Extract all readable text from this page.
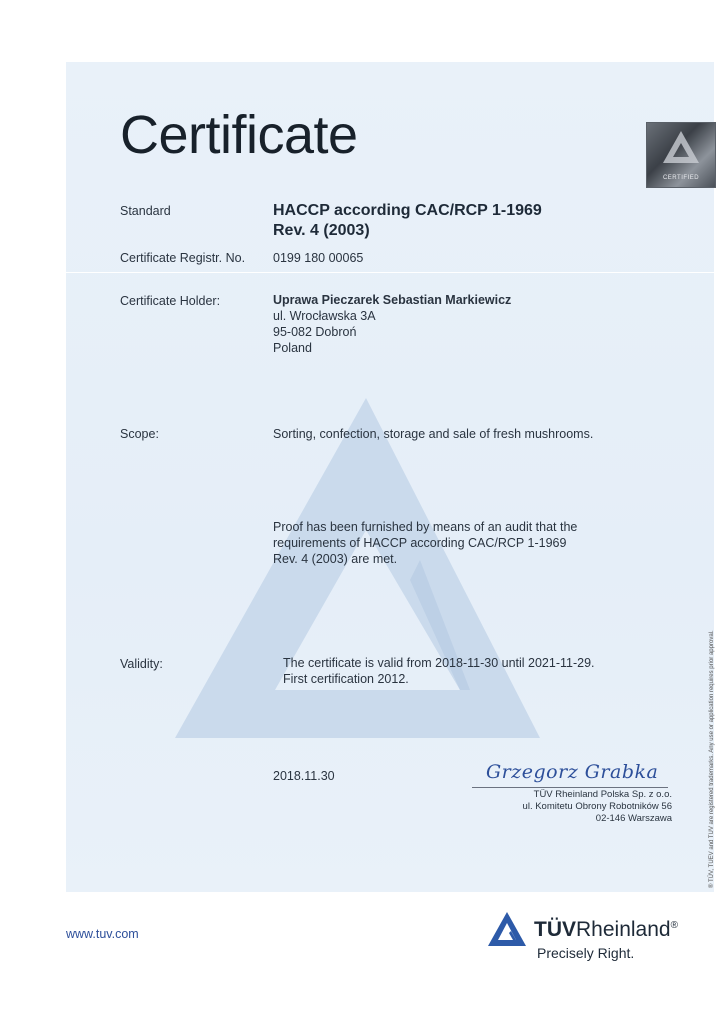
Certificate
CERTIFIED
Standard	HACCP according CAC/RCP 1-1969
Rev. 4 (2003)
Certificate Registr. No. 0199 180 00065
Certificate Holder:	Uprawa Pieczarek Sebastian Markiewicz
ul. Wrocławska 3A
95-082 Dobroń
Poland
Scope:	Sorting, confection, storage and sale of fresh mushrooms.
Proof has been furnished by means of an audit that the
requirements of HACCP according CAC/RCP 1-1969
Rev. 4 (2003) are met.
Validity:	The certificate is valid from 2018-11-30 until 2021-11-29.
First certification 2012.
2018.11.30	Grzegorz Grabka
TÜV Rheinland Polska Sp. z o.o.
ul. Komitetu Obrony Robotników 56
02-146 Warszawa	® TÜV, TUEV and TUV are registered trademarks. Any use or application requires prior approval.
www.tuv.com	TÜVRheinland®
Precisely Right.
